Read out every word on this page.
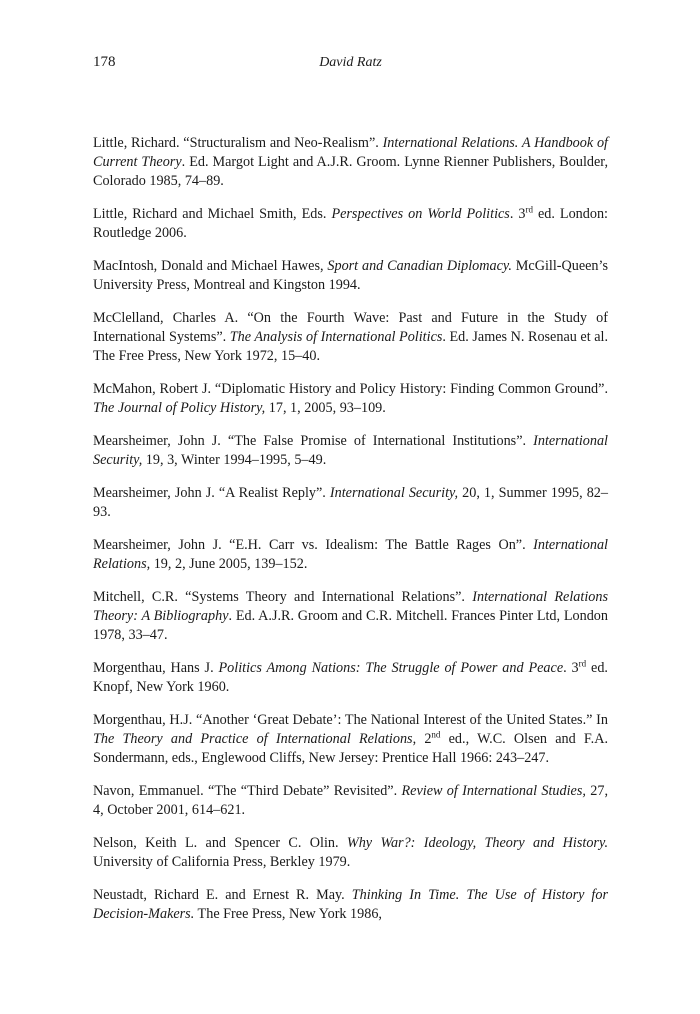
178	David Ratz
Little, Richard. “Structuralism and Neo-Realism”. International Relations. A Handbook of Current Theory. Ed. Margot Light and A.J.R. Groom. Lynne Rienner Publishers, Boulder, Colorado 1985, 74–89.
Little, Richard and Michael Smith, Eds. Perspectives on World Politics. 3rd ed. London: Routledge 2006.
MacIntosh, Donald and Michael Hawes, Sport and Canadian Diplomacy. McGill-Queen’s University Press, Montreal and Kingston 1994.
McClelland, Charles A. “On the Fourth Wave: Past and Future in the Study of International Systems”. The Analysis of International Politics. Ed. James N. Rosenau et al. The Free Press, New York 1972, 15–40.
McMahon, Robert J. “Diplomatic History and Policy History: Finding Common Ground”. The Journal of Policy History, 17, 1, 2005, 93–109.
Mearsheimer, John J. “The False Promise of International Institutions”. International Security, 19, 3, Winter 1994–1995, 5–49.
Mearsheimer, John J. “A Realist Reply”. International Security, 20, 1, Summer 1995, 82–93.
Mearsheimer, John J. “E.H. Carr vs. Idealism: The Battle Rages On”. International Relations, 19, 2, June 2005, 139–152.
Mitchell, C.R. “Systems Theory and International Relations”. International Relations Theory: A Bibliography. Ed. A.J.R. Groom and C.R. Mitchell. Frances Pinter Ltd, London 1978, 33–47.
Morgenthau, Hans J. Politics Among Nations: The Struggle of Power and Peace. 3rd ed. Knopf, New York 1960.
Morgenthau, H.J. “Another ‘Great Debate’: The National Interest of the United States.” In The Theory and Practice of International Relations, 2nd ed., W.C. Olsen and F.A. Sondermann, eds., Englewood Cliffs, New Jersey: Prentice Hall 1966: 243–247.
Navon, Emmanuel. “The “Third Debate” Revisited”. Review of International Studies, 27, 4, October 2001, 614–621.
Nelson, Keith L. and Spencer C. Olin. Why War?: Ideology, Theory and History. University of California Press, Berkley 1979.
Neustadt, Richard E. and Ernest R. May. Thinking In Time. The Use of History for Decision-Makers. The Free Press, New York 1986,
